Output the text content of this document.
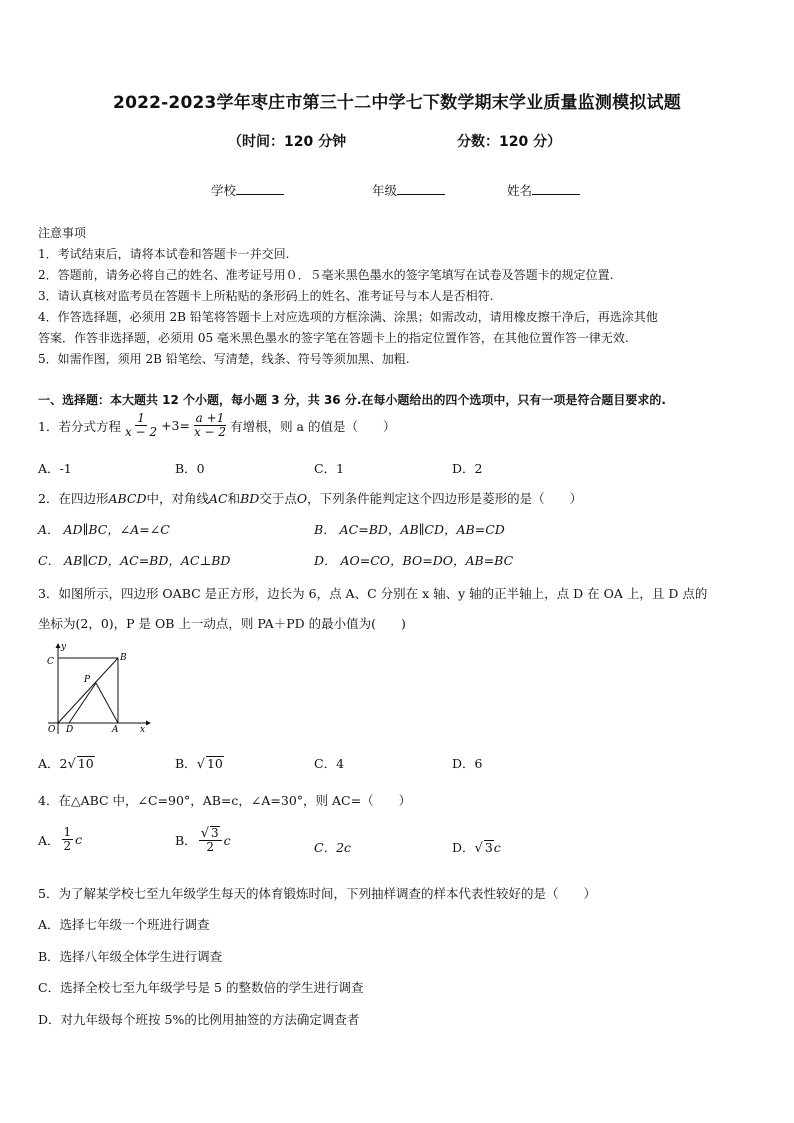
2022-2023学年枣庄市第三十二中学七下数学期末学业质量监测模拟试题
（时间：120 分钟	分数：120 分）
学校	年级	姓名
注意事项
1．考试结束后，请将本试卷和答题卡一并交回.
2．答题前，请务必将自己的姓名、准考证号用０．５毫米黑色墨水的签字笔填写在试卷及答题卡的规定位置.
3．请认真核对监考员在答题卡上所粘贴的条形码上的姓名、准考证号与本人是否相符.
4．作答选择题，必须用 2B 铅笔将答题卡上对应选项的方框涂满、涂黑；如需改动，请用橡皮擦干净后，再选涂其他
答案．作答非选择题，必须用 05 毫米黑色墨水的签字笔在答题卡上的指定位置作答，在其他位置作答一律无效.
5．如需作图，须用 2B 铅笔绘、写清楚，线条、符号等须加黑、加粗.
一、选择题：本大题共 12 个小题，每小题 3 分，共 36 分.在每小题给出的四个选项中，只有一项是符合题目要求的.
1．若分式方程 $\frac{1}{x - 2} +3= \frac{a +1}{x - 2}$ 有增根，则 a 的值是（　　）
A．-1	B．0	C．1	D．2
2．在四边形ABCD中，对角线AC和BD交于点O，下列条件能判定这个四边形是菱形的是（　　）
A． AD∥BC，∠A=∠C	B． AC=BD，AB∥CD，AB=CD
C． AB∥CD，AC=BD，AC⊥BD	D． AO=CO，BO=DO，AB=BC
3．如图所示，四边形 OABC 是正方形，边长为 6，点 A、C 分别在 x 轴、y 轴的正半轴上，点 D 在 OA 上，且 D 点的
坐标为(2，0)，P 是 OB 上一动点，则 PA＋PD 的最小值为(　　)
y
C	B
P
O D	A x
A．2√ 10	B．√ 10	C．4	D．6
4．在△ABC 中，∠C=90°，AB=c，∠A=30°，则 AC=（　　）
A． $\frac{1}{2}$ c	B． $\frac{√ 3}{2}$ c	C．2c	D．√ 3c
5．为了解某学校七至九年级学生每天的体育锻炼时间，下列抽样调查的样本代表性较好的是（　　）
A．选择七年级一个班进行调查
B．选择八年级全体学生进行调查
C．选择全校七至九年级学号是 5 的整数倍的学生进行调查
D．对九年级每个班按 5%的比例用抽签的方法确定调查者
